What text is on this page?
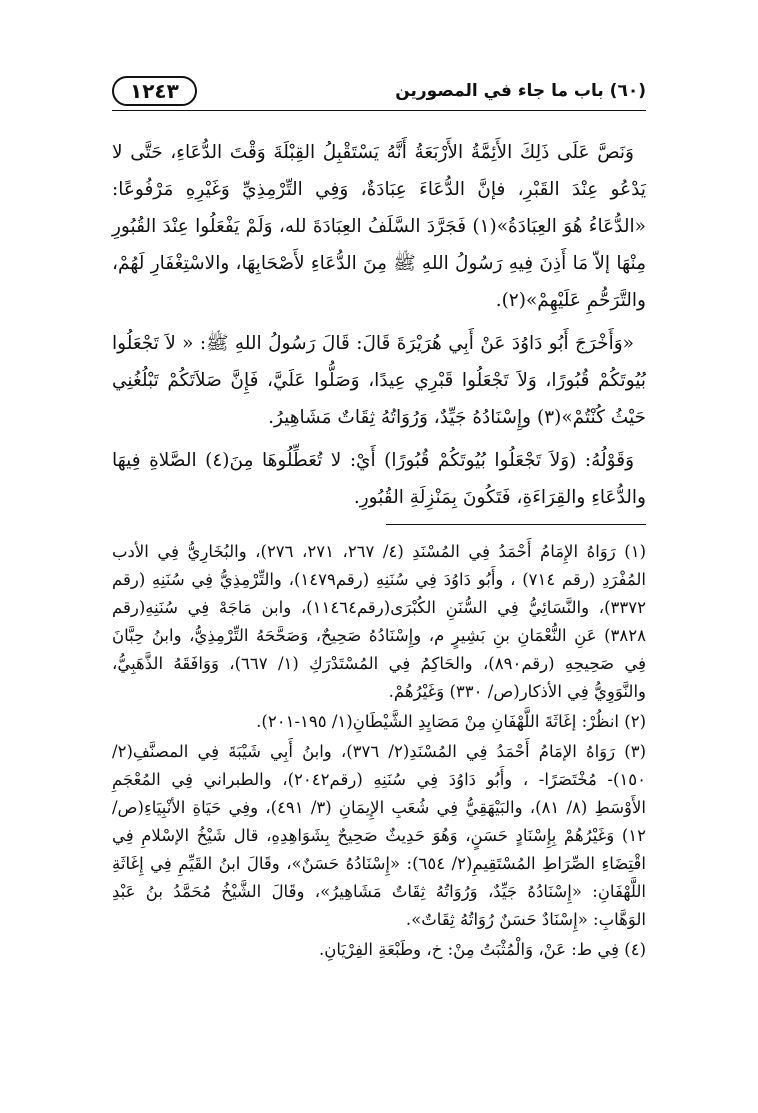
(٦٠) باب ما جاء في المصورين
١٢٤٣

وَنَصَّ عَلَى ذَلِكَ الأَئِمَّةُ الأَرْبَعَةُ أَنَّهُ يَسْتَقْبِلُ القِبْلَةَ وَقْتَ الدُّعَاءِ، حَتَّى لا يَدْعُو عِنْدَ القَبْرِ، فإنَّ الدُّعَاءَ عِبَادَةٌ، وَفِي التِّرْمِذِيِّ وَغَيْرِهِ مَرْفُوعًا: «الدُّعَاءُ هُوَ العِبَادَةُ»(١) فَجَرَّدَ السَّلَفُ العِبَادَةَ لله، وَلَمْ يَفْعَلُوا عِنْدَ القُبُورِ مِنْهَا إلاّ مَا أَذِنَ فِيهِ رَسُولُ اللهِ ﷺ مِنَ الدُّعَاءِ لأَصْحَابِهَا، والاسْتِغْفَارِ لَهُمْ، والتَّرَحُّمِ عَلَيْهِمْ»(٢).

«وَأَخْرَجَ أَبُو دَاوُدَ عَنْ أَبِي هُرَيْرَةَ قَالَ: قَالَ رَسُولُ اللهِ ﷺ: « لاَ تَجْعَلُوا بُيُوتَكُمْ قُبُورًا، وَلاَ تَجْعَلُوا قَبْرِي عِيدًا، وَصَلُّوا عَلَيَّ، فَإِنَّ صَلاَتَكُمْ تَبْلُغُنِي حَيْثُ كُنْتُمْ»(٣) وإِسْنَادُهُ جَيِّدٌ، وَرُوَاتُهُ ثِقَاتٌ مَشَاهِيرُ.

وَقَوْلُهُ: (وَلاَ تَجْعَلُوا بُيُوتَكُمْ قُبُورًا) أَيْ: لا تُعَطِّلُوهَا مِنَ(٤) الصَّلاةِ فِيهَا والدُّعَاءِ والقِرَاءَةِ، فَتَكُونَ بِمَنْزِلَةِ القُبُورِ.

(١) رَوَاهُ الإِمَامُ أَحْمَدُ فِي المُسْنَدِ (٤/ ٢٦٧، ٢٧١، ٢٧٦)، والبُخَارِيُّ فِي الأدب المُفْرَدِ (رقم ٧١٤) ، وأَبُو دَاوُدَ فِي سُنَنِهِ (رقم١٤٧٩)، والتِّرْمِذِيُّ فِي سُنَنِهِ (رقم ٣٣٧٢)، والنَّسَائِيُّ فِي السُّنَنِ الكُبْرَى(رقم١١٤٦٤)، وابن مَاجَهْ فِي سُنَنِهِ(رقم ٣٨٢٨) عَنِ النُّعْمَانِ بنِ بَشِيرٍ م، وإِسْنَادُهُ صَحِيحٌ، وَصَحَّحَهُ التِّرْمِذِيُّ، وابنُ حِبَّانَ فِي صَحِيحِهِ (رقم٨٩٠)، والحَاكِمُ فِي المُسْتَدْرَكِ (١/ ٦٦٧)، وَوَافَقَهُ الذَّهَبِيُّ، والنَّوَوِيُّ فِي الأذكار(ص/ ٣٣٠) وَغَيْرُهُمْ.

(٢) انظُرْ: إغَاثَةَ اللَّهْفَانِ مِنْ مَصَايِدِ الشَّيْطَانِ(١/ ١٩٥-٢٠١).

(٣) رَوَاهُ الإمَامُ أَحْمَدُ فِي المُسْنَدِ(٢/ ٣٧٦)، وابنُ أَبِي شَيْبَةَ فِي المصنَّفِ(٢/ ١٥٠)- مُخْتَصَرًا- ، وأَبُو دَاوُدَ فِي سُنَنِهِ (رقم٢٠٤٢)، والطبراني فِي المُعْجَمِ الأَوْسَطِ (٨/ ٨١)، والبَيْهَقِيُّ فِي شُعَبِ الإِيمَانِ (٣/ ٤٩١)، وفِي حَيَاةِ الأنْبِيَاءِ(ص/ ١٢) وَغَيْرُهُمْ بِإِسْنَادٍ حَسَنٍ، وَهُوَ حَدِيثٌ صَحِيحٌ بِشَوَاهِدِهِ، قال شَيْخُ الإسْلامِ فِي اقْتِضَاءِ الصِّرَاطِ المُسْتَقِيمِ(٢/ ٦٥٤): «إِسْنَادُهُ حَسَنٌ»، وقَالَ ابنُ القَيِّمِ فِي إِغَاثَةِ اللَّهْفَانِ: «إِسْنَادُهُ جَيِّدٌ، وَرُوَاتُهُ ثِقَاتٌ مَشَاهِيرُ»، وقَالَ الشَّيْخُ مُحَمَّدُ بنُ عَبْدِ الوَهَّابِ: «إِسْنَادٌ حَسَنٌ رُوَاتُهُ ثِقَاتٌ».

(٤) فِي ط: عَنْ، وَالْمُثْبَتُ مِنْ: خ، وطَبْعَةِ الفِرْيَانِ.
